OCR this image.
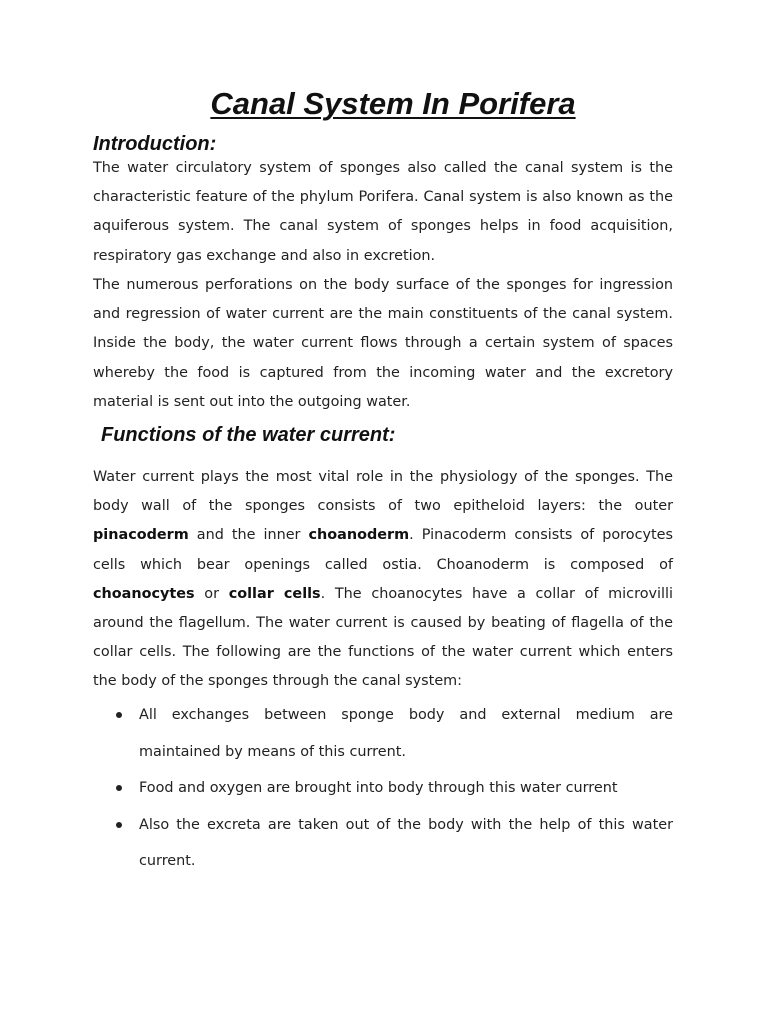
Canal System In Porifera
Introduction:

The water circulatory system of sponges also called the canal system is the characteristic feature of the phylum Porifera. Canal system is also known as the aquiferous system. The canal system of sponges helps in food acquisition, respiratory gas exchange and also in excretion.

The numerous perforations on the body surface of the sponges for ingression and regression of water current are the main constituents of the canal system. Inside the body, the water current flows through a certain system of spaces whereby the food is captured from the incoming water and the excretory material is sent out into the outgoing water.

Functions of the water current:

Water current plays the most vital role in the physiology of the sponges. The body wall of the sponges consists of two epitheloid layers: the outer pinacoderm and the inner choanoderm. Pinacoderm consists of porocytes cells which bear openings called ostia. Choanoderm is composed of choanocytes or collar cells. The choanocytes have a collar of microvilli around the flagellum. The water current is caused by beating of flagella of the collar cells. The following are the functions of the water current which enters the body of the sponges through the canal system:

All exchanges between sponge body and external medium are maintained by means of this current.
Food and oxygen are brought into body through this water current
Also the excreta are taken out of the body with the help of this water current.
